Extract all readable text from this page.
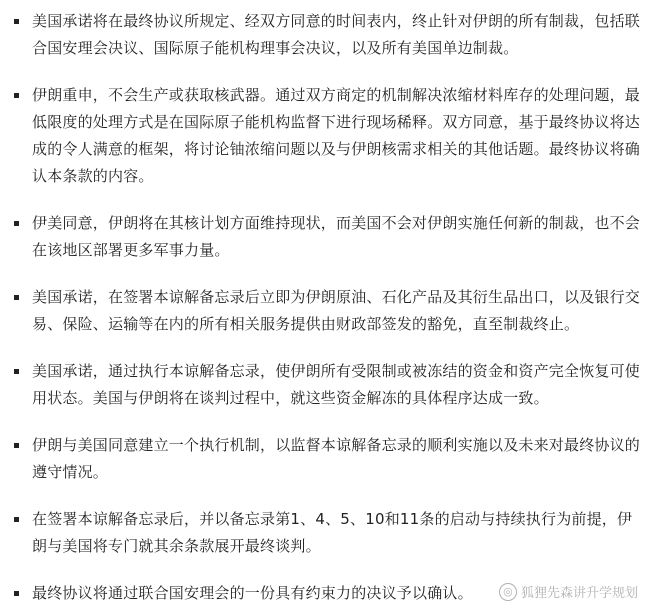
美国承诺将在最终协议所规定、经双方同意的时间表内，终止针对伊朗的所有制裁，包括联合国安理会决议、国际原子能机构理事会决议，以及所有美国单边制裁。
伊朗重申，不会生产或获取核武器。通过双方商定的机制解决浓缩材料库存的处理问题，最低限度的处理方式是在国际原子能机构监督下进行现场稀释。双方同意，基于最终协议将达成的令人满意的框架，将讨论铀浓缩问题以及与伊朗核需求相关的其他话题。最终协议将确认本条款的内容。
伊美同意，伊朗将在其核计划方面维持现状，而美国不会对伊朗实施任何新的制裁，也不会在该地区部署更多军事力量。
美国承诺，在签署本谅解备忘录后立即为伊朗原油、石化产品及其衍生品出口，以及银行交易、保险、运输等在内的所有相关服务提供由财政部签发的豁免，直至制裁终止。
美国承诺，通过执行本谅解备忘录，使伊朗所有受限制或被冻结的资金和资产完全恢复可使用状态。美国与伊朗将在谈判过程中，就这些资金解冻的具体程序达成一致。
伊朗与美国同意建立一个执行机制，以监督本谅解备忘录的顺利实施以及未来对最终协议的遵守情况。
在签署本谅解备忘录后，并以备忘录第1、4、5、10和11条的启动与持续执行为前提，伊朗与美国将专门就其余条款展开最终谈判。
最终协议将通过联合国安理会的一份具有约束力的决议予以确认。	◎ 狐狸先森讲升学规划
